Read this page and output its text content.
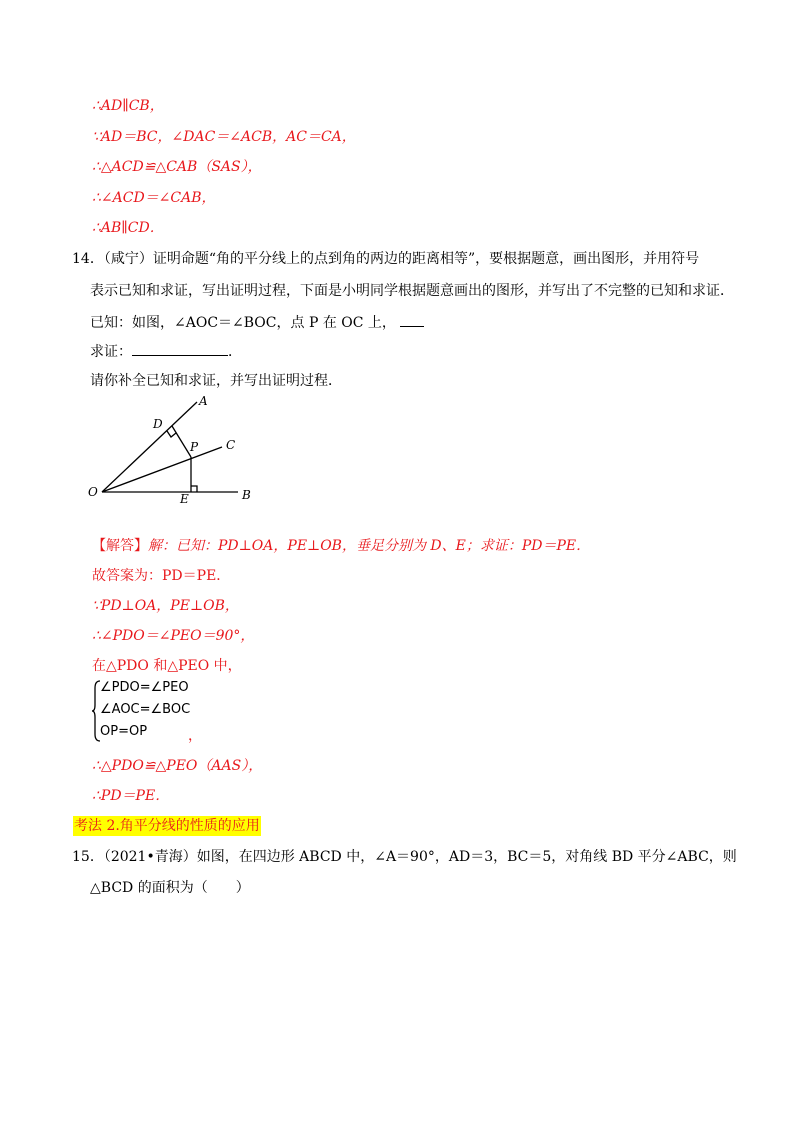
∴AD∥CB，
∵AD＝BC，∠DAC＝∠ACB，AC＝CA，
∴△ACD≌△CAB（SAS），
∴∠ACD＝∠CAB，
∴AB∥CD．
14．（咸宁）证明命题“角的平分线上的点到角的两边的距离相等”，要根据题意，画出图形，并用符号
表示已知和求证，写出证明过程，下面是小明同学根据题意画出的图形，并写出了不完整的已知和求证．
已知：如图，∠AOC＝∠BOC，点 P 在 OC 上，
求证：	．
请你补全已知和求证，并写出证明过程．
A
D
P C
O	E	B
【解答】解：已知：PD⊥OA，PE⊥OB，垂足分别为 D、E；求证：PD＝PE．
故答案为：PD＝PE．
∵PD⊥OA，PE⊥OB，
∴∠PDO＝∠PEO＝90°，
在△PDO 和△PEO 中，
∠PDO=∠PEO
∠AOC=∠BOC
OP=OP	，
∴△PDO≌△PEO（AAS），
∴PD＝PE．
考法 2.角平分线的性质的应用
15．（2021•青海）如图，在四边形 ABCD 中，∠A＝90°，AD＝3，BC＝5，对角线 BD 平分∠ABC，则
△BCD 的面积为（　　）
